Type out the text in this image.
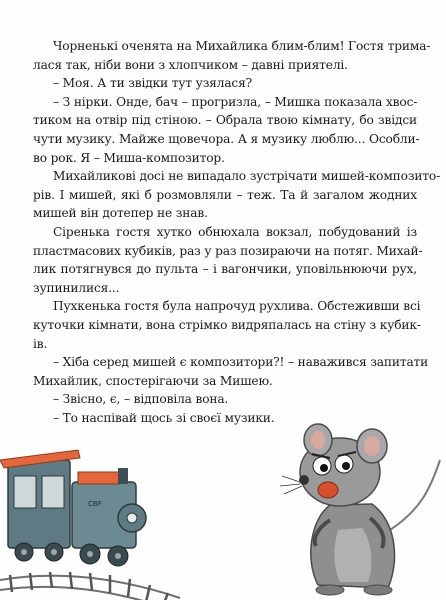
Чорненькі оченята на Михайлика блим-блим! Гостя трима-
лася так, ніби вони з хлопчиком – давні приятелі.
– Моя. А ти звідки тут узялася?
– З нірки. Онде, бач – прогризла, – Мишка показала хвос-
тиком на отвір під стіною. – Обрала твою кімнату, бо звідси
чути музику. Майже щовечора. А я музику люблю... Особли-
во рок. Я – Миша-композитор.
Михайликові досі не випадало зустрічати мишей-композито-
рів. І мишей, які б розмовляли – теж. Та й загалом жодних
мишей він дотепер не знав.
Сіренька гостя хутко обнюхала вокзал, побудований із
пластмасових кубиків, раз у раз позираючи на потяг. Михай-
лик потягнувся до пульта – і вагончики, уповільнюючи рух,
зупинилися...
Пухкенька гостя була напрочуд рухлива. Обстеживши всі
куточки кімнати, вона стрімко видряпалась на стіну з кубик-
ів.
– Хіба серед мишей є композитори?! – наважився запитати
Михайлик, спостерігаючи за Мишею.
– Звісно, є, – відповіла вона.
– То наспівай щось зі своєї музики.
CBF
